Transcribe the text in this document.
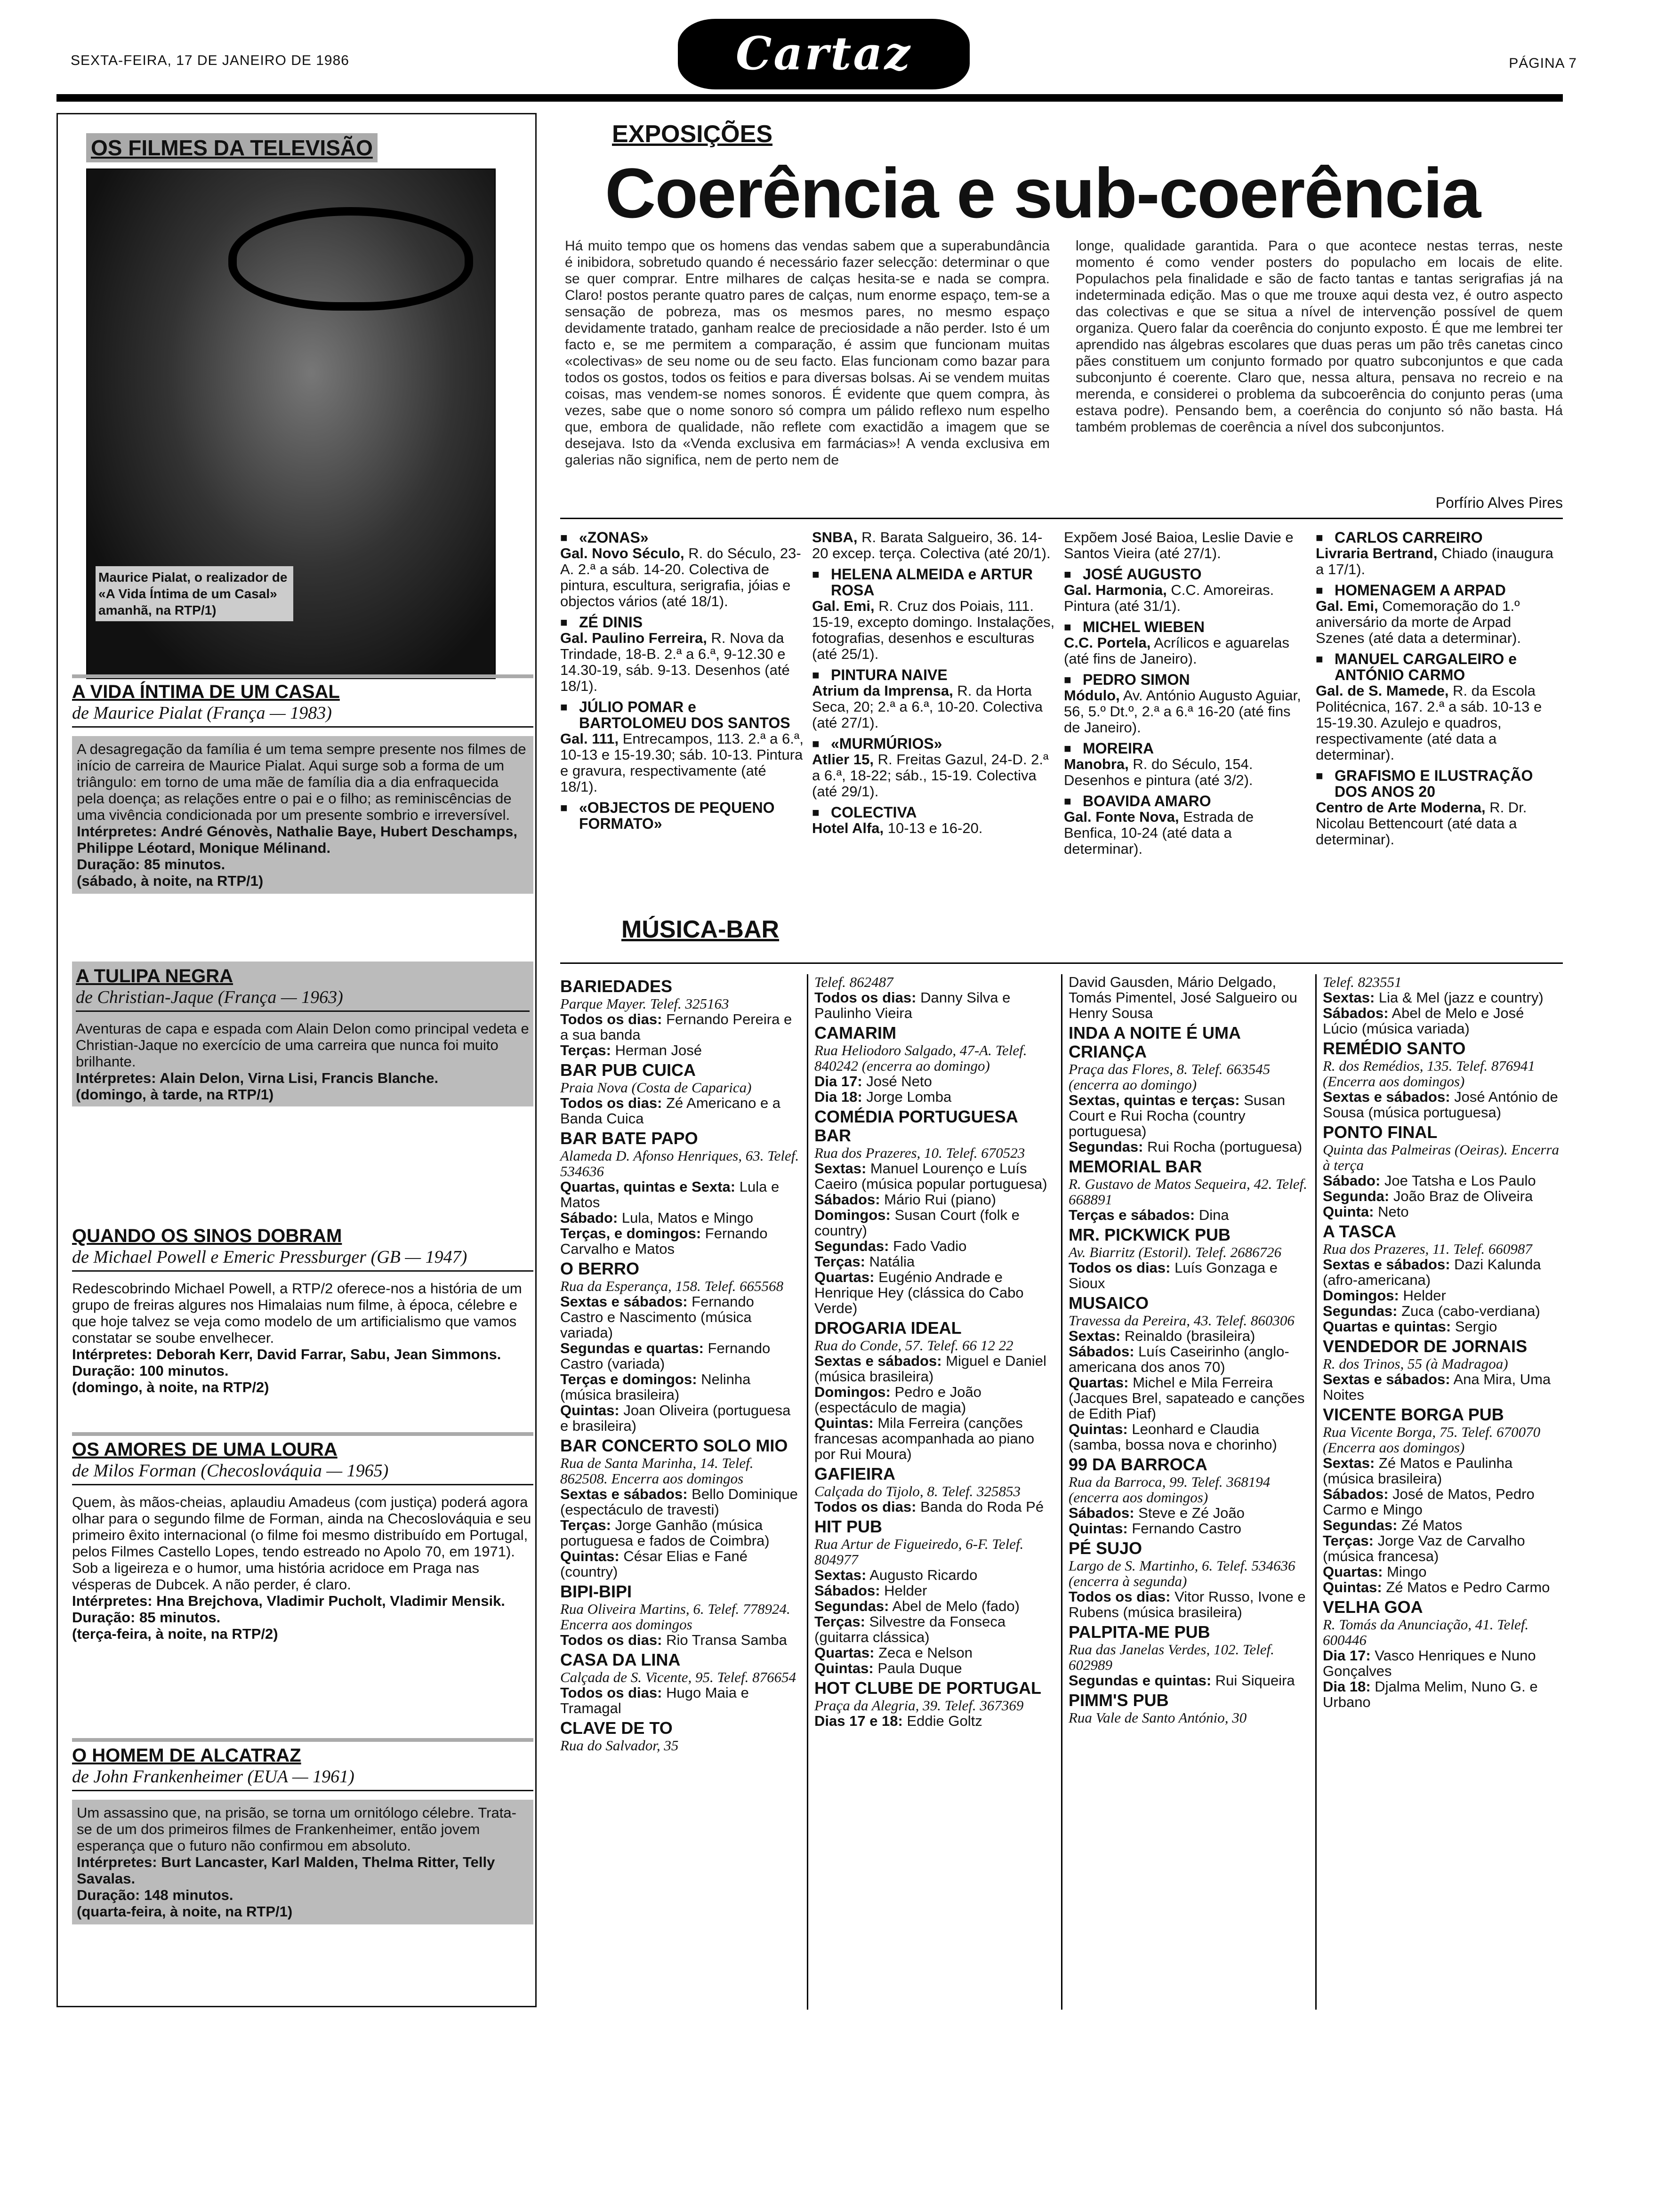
SEXTA-FEIRA, 17 DE JANEIRO DE 1986	Cartaz	PÁGINA 7
OS FILMES DA TELEVISÃO
Maurice Pialat, o realizador de «A Vida Íntima de um Casal» amanhã, na RTP/1)
A VIDA ÍNTIMA DE UM CASAL
de Maurice Pialat (França — 1983)
A desagregação da família é um tema sempre presente nos filmes de início de carreira de Maurice Pialat. Aqui surge sob a forma de um triângulo: em torno de uma mãe de família dia a dia enfraquecida pela doença; as relações entre o pai e o filho; as reminiscências de uma vivência condicionada por um presente sombrio e irreversível.
Intérpretes: André Génovès, Nathalie Baye, Hubert Deschamps, Philippe Léotard, Monique Mélinand.
Duração: 85 minutos.
(sábado, à noite, na RTP/1)
A TULIPA NEGRA
de Christian-Jaque (França — 1963)
Aventuras de capa e espada com Alain Delon como principal vedeta e Christian-Jaque no exercício de uma carreira que nunca foi muito brilhante.
Intérpretes: Alain Delon, Virna Lisi, Francis Blanche.
(domingo, à tarde, na RTP/1)
QUANDO OS SINOS DOBRAM
de Michael Powell e Emeric Pressburger (GB — 1947)
Redescobrindo Michael Powell, a RTP/2 oferece-nos a história de um grupo de freiras algures nos Himalaias num filme, à época, célebre e que hoje talvez se veja como modelo de um artificialismo que vamos constatar se soube envelhecer.
Intérpretes: Deborah Kerr, David Farrar, Sabu, Jean Simmons.
Duração: 100 minutos.
(domingo, à noite, na RTP/2)
OS AMORES DE UMA LOURA
de Milos Forman (Checoslováquia — 1965)
Quem, às mãos-cheias, aplaudiu Amadeus (com justiça) poderá agora olhar para o segundo filme de Forman, ainda na Checoslováquia e seu primeiro êxito internacional (o filme foi mesmo distribuído em Portugal, pelos Filmes Castello Lopes, tendo estreado no Apolo 70, em 1971). Sob a ligeireza e o humor, uma história acridoce em Praga nas vésperas de Dubcek. A não perder, é claro.
Intérpretes: Hna Brejchova, Vladimir Pucholt, Vladimir Mensik.
Duração: 85 minutos.
(terça-feira, à noite, na RTP/2)
O HOMEM DE ALCATRAZ
de John Frankenheimer (EUA — 1961)
Um assassino que, na prisão, se torna um ornitólogo célebre. Trata-se de um dos primeiros filmes de Frankenheimer, então jovem esperança que o futuro não confirmou em absoluto.
Intérpretes: Burt Lancaster, Karl Malden, Thelma Ritter, Telly Savalas.
Duração: 148 minutos.
(quarta-feira, à noite, na RTP/1)
EXPOSIÇÕES
Coerência e sub-coerência
Há muito tempo que os homens das vendas sabem que a superabundância é inibidora, sobretudo quando é necessário fazer selecção: determinar o que se quer comprar. Entre milhares de calças hesita-se e nada se compra. Claro! postos perante quatro pares de calças, num enorme espaço, tem-se a sensação de pobreza, mas os mesmos pares, no mesmo espaço devidamente tratado, ganham realce de preciosidade a não perder. Isto é um facto e, se me permitem a comparação, é assim que funcionam muitas «colectivas» de seu nome ou de seu facto. Elas funcionam como bazar para todos os gostos, todos os feitios e para diversas bolsas. Ai se vendem muitas coisas, mas vendem-se nomes sonoros. É evidente que quem compra, às vezes, sabe que o nome sonoro só compra um pálido reflexo num espelho que, embora de qualidade, não reflete com exactidão a imagem que se desejava. Isto da «Venda exclusiva em farmácias»! A venda exclusiva em galerias não significa, nem de perto nem de
longe, qualidade garantida. Para o que acontece nestas terras, neste momento é como vender posters do populacho em locais de elite. Populachos pela finalidade e são de facto tantas e tantas serigrafias já na indeterminada edição. Mas o que me trouxe aqui desta vez, é outro aspecto das colectivas e que se situa a nível de intervenção possível de quem organiza. Quero falar da coerência do conjunto exposto. É que me lembrei ter aprendido nas álgebras escolares que duas peras um pão três canetas cinco pães constituem um conjunto formado por quatro subconjuntos e que cada subconjunto é coerente. Claro que, nessa altura, pensava no recreio e na merenda, e considerei o problema da subcoerência do conjunto peras (uma estava podre). Pensando bem, a coerência do conjunto só não basta. Há também problemas de coerência a nível dos subconjuntos.
Porfírio Alves Pires
■ «ZONAS»
Gal. Novo Século, R. do Século, 23-A. 2.ª a sáb. 14-20. Colectiva de pintura, escultura, serigrafia, jóias e objectos vários (até 18/1).
■ ZÉ DINIS
Gal. Paulino Ferreira, R. Nova da Trindade, 18-B. 2.ª a 6.ª, 9-12.30 e 14.30-19, sáb. 9-13. Desenhos (até 18/1).
■ JÚLIO POMAR e BARTOLOMEU DOS SANTOS
Gal. 111, Entrecampos, 113. 2.ª a 6.ª, 10-13 e 15-19.30; sáb. 10-13. Pintura e gravura, respectivamente (até 18/1).
■ «OBJECTOS DE PEQUENO FORMATO»
SNBA, R. Barata Salgueiro, 36. 14-20 excep. terça. Colectiva (até 20/1).
■ HELENA ALMEIDA e ARTUR ROSA
Gal. Emi, R. Cruz dos Poiais, 111. 15-19, excepto domingo. Instalações, fotografias, desenhos e esculturas (até 25/1).
■ PINTURA NAIVE
Atrium da Imprensa, R. da Horta Seca, 20; 2.ª a 6.ª, 10-20. Colectiva (até 27/1).
■ «MURMÚRIOS»
Atlier 15, R. Freitas Gazul, 24-D. 2.ª a 6.ª, 18-22; sáb., 15-19. Colectiva (até 29/1).
■ COLECTIVA
Hotel Alfa, 10-13 e 16-20.
Expõem José Baioa, Leslie Davie e Santos Vieira (até 27/1).
■ JOSÉ AUGUSTO
Gal. Harmonia, C.C. Amoreiras. Pintura (até 31/1).
■ MICHEL WIEBEN
C.C. Portela, Acrílicos e aguarelas (até fins de Janeiro).
■ PEDRO SIMON
Módulo, Av. António Augusto Aguiar, 56, 5.º Dt.º, 2.ª a 6.ª 16-20 (até fins de Janeiro).
■ MOREIRA
Manobra, R. do Século, 154. Desenhos e pintura (até 3/2).
■ BOAVIDA AMARO
Gal. Fonte Nova, Estrada de Benfica, 10-24 (até data a determinar).
■ CARLOS CARREIRO
Livraria Bertrand, Chiado (inaugura a 17/1).
■ HOMENAGEM A ARPAD
Gal. Emi, Comemoração do 1.º aniversário da morte de Arpad Szenes (até data a determinar).
■ MANUEL CARGALEIRO e ANTÓNIO CARMO
Gal. de S. Mamede, R. da Escola Politécnica, 167. 2.ª a sáb. 10-13 e 15-19.30. Azulejo e quadros, respectivamente (até data a determinar).
■ GRAFISMO E ILUSTRAÇÃO DOS ANOS 20
Centro de Arte Moderna, R. Dr. Nicolau Bettencourt (até data a determinar).
MÚSICA-BAR
BARIEDADES
Parque Mayer. Telef. 325163
Todos os dias: Fernando Pereira e a sua banda
Terças: Herman José
BAR PUB CUICA
Praia Nova (Costa de Caparica)
Todos os dias: Zé Americano e a Banda Cuica
BAR BATE PAPO
Alameda D. Afonso Henriques, 63. Telef. 534636
Quartas, quintas e Sexta: Lula e Matos
Sábado: Lula, Matos e Mingo
Terças, e domingos: Fernando Carvalho e Matos
O BERRO
Rua da Esperança, 158. Telef. 665568
Sextas e sábados: Fernando Castro e Nascimento (música variada)
Segundas e quartas: Fernando Castro (variada)
Terças e domingos: Nelinha (música brasileira)
Quintas: Joan Oliveira (portuguesa e brasileira)
BAR CONCERTO SOLO MIO
Rua de Santa Marinha, 14. Telef. 862508. Encerra aos domingos
Sextas e sábados: Bello Dominique (espectáculo de travesti)
Terças: Jorge Ganhão (música portuguesa e fados de Coimbra)
Quintas: César Elias e Fané (country)
BIPI-BIPI
Rua Oliveira Martins, 6. Telef. 778924. Encerra aos domingos
Todos os dias: Rio Transa Samba
CASA DA LINA
Calçada de S. Vicente, 95. Telef. 876654
Todos os dias: Hugo Maia e Tramagal
CLAVE DE TO
Rua do Salvador, 35
Telef. 862487
Todos os dias: Danny Silva e Paulinho Vieira
CAMARIM
Rua Heliodoro Salgado, 47-A. Telef. 840242 (encerra ao domingo)
Dia 17: José Neto
Dia 18: Jorge Lomba
COMÉDIA PORTUGUESA BAR
Rua dos Prazeres, 10. Telef. 670523
Sextas: Manuel Lourenço e Luís Caeiro (música popular portuguesa)
Sábados: Mário Rui (piano)
Domingos: Susan Court (folk e country)
Segundas: Fado Vadio
Terças: Natália
Quartas: Eugénio Andrade e Henrique Hey (clássica do Cabo Verde)
DROGARIA IDEAL
Rua do Conde, 57. Telef. 66 12 22
Sextas e sábados: Miguel e Daniel (música brasileira)
Domingos: Pedro e João (espectáculo de magia)
Quintas: Mila Ferreira (canções francesas acompanhada ao piano por Rui Moura)
GAFIEIRA
Calçada do Tijolo, 8. Telef. 325853
Todos os dias: Banda do Roda Pé
HIT PUB
Rua Artur de Figueiredo, 6-F. Telef. 804977
Sextas: Augusto Ricardo
Sábados: Helder
Segundas: Abel de Melo (fado)
Terças: Silvestre da Fonseca (guitarra clássica)
Quartas: Zeca e Nelson
Quintas: Paula Duque
HOT CLUBE DE PORTUGAL
Praça da Alegria, 39. Telef. 367369
Dias 17 e 18: Eddie Goltz
David Gausden, Mário Delgado, Tomás Pimentel, José Salgueiro ou Henry Sousa
INDA A NOITE É UMA CRIANÇA
Praça das Flores, 8. Telef. 663545 (encerra ao domingo)
Sextas, quintas e terças: Susan Court e Rui Rocha (country portuguesa)
Segundas: Rui Rocha (portuguesa)
MEMORIAL BAR
R. Gustavo de Matos Sequeira, 42. Telef. 668891
Terças e sábados: Dina
MR. PICKWICK PUB
Av. Biarritz (Estoril). Telef. 2686726
Todos os dias: Luís Gonzaga e Sioux
MUSAICO
Travessa da Pereira, 43. Telef. 860306
Sextas: Reinaldo (brasileira)
Sábados: Luís Caseirinho (anglo-americana dos anos 70)
Quartas: Michel e Mila Ferreira (Jacques Brel, sapateado e canções de Edith Piaf)
Quintas: Leonhard e Claudia (samba, bossa nova e chorinho)
99 DA BARROCA
Rua da Barroca, 99. Telef. 368194 (encerra aos domingos)
Sábados: Steve e Zé João
Quintas: Fernando Castro
PÉ SUJO
Largo de S. Martinho, 6. Telef. 534636 (encerra à segunda)
Todos os dias: Vitor Russo, Ivone e Rubens (música brasileira)
PALPITA-ME PUB
Rua das Janelas Verdes, 102. Telef. 602989
Segundas e quintas: Rui Siqueira
PIMM'S PUB
Rua Vale de Santo António, 30
Telef. 823551
Sextas: Lia & Mel (jazz e country)
Sábados: Abel de Melo e José Lúcio (música variada)
REMÉDIO SANTO
R. dos Remédios, 135. Telef. 876941 (Encerra aos domingos)
Sextas e sábados: José António de Sousa (música portuguesa)
PONTO FINAL
Quinta das Palmeiras (Oeiras). Encerra à terça
Sábado: Joe Tatsha e Los Paulo
Segunda: João Braz de Oliveira
Quinta: Neto
A TASCA
Rua dos Prazeres, 11. Telef. 660987
Sextas e sábados: Dazi Kalunda (afro-americana)
Domingos: Helder
Segundas: Zuca (cabo-verdiana)
Quartas e quintas: Sergio
VENDEDOR DE JORNAIS
R. dos Trinos, 55 (à Madragoa)
Sextas e sábados: Ana Mira, Uma Noites
VICENTE BORGA PUB
Rua Vicente Borga, 75. Telef. 670070 (Encerra aos domingos)
Sextas: Zé Matos e Paulinha (música brasileira)
Sábados: José de Matos, Pedro Carmo e Mingo
Segundas: Zé Matos
Terças: Jorge Vaz de Carvalho (música francesa)
Quartas: Mingo
Quintas: Zé Matos e Pedro Carmo
VELHA GOA
R. Tomás da Anunciação, 41. Telef. 600446
Dia 17: Vasco Henriques e Nuno Gonçalves
Dia 18: Djalma Melim, Nuno G. e Urbano
